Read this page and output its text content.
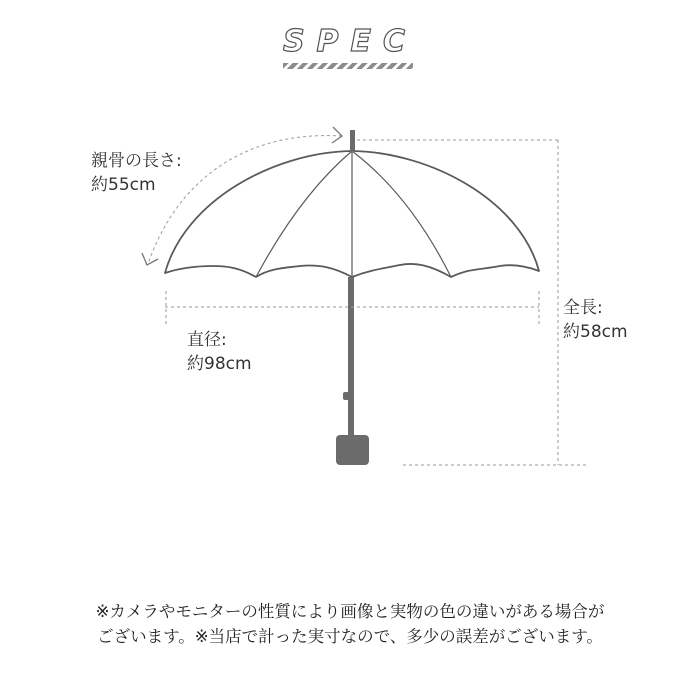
SPEC
親骨の長さ:
約55cm
直径:
約98cm
全長:
約58cm
※カメラやモニターの性質により画像と実物の色の違いがある場合が
ございます。※当店で計った実寸なので、多少の誤差がございます。
